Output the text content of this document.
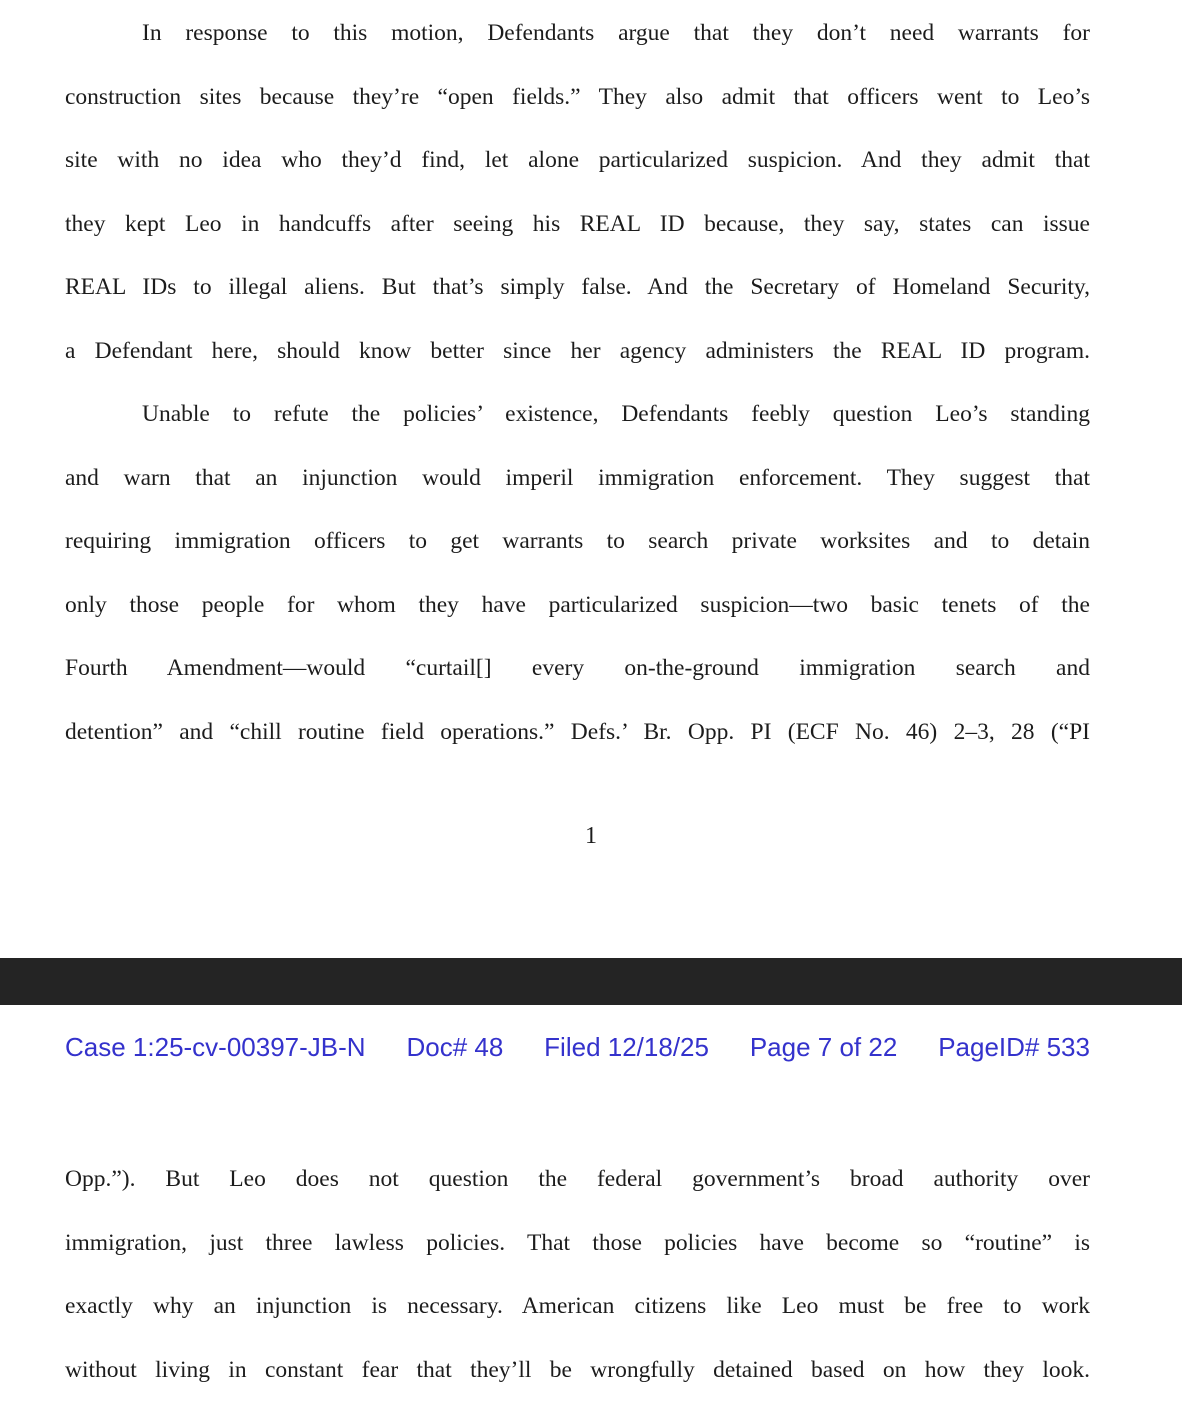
In response to this motion, Defendants argue that they don’t need warrants for
construction sites because they’re “open fields.” They also admit that officers went to Leo’s
site with no idea who they’d find, let alone particularized suspicion. And they admit that
they kept Leo in handcuffs after seeing his REAL ID because, they say, states can issue
REAL IDs to illegal aliens. But that’s simply false. And the Secretary of Homeland Security,
a Defendant here, should know better since her agency administers the REAL ID program.
Unable to refute the policies’ existence, Defendants feebly question Leo’s standing
and warn that an injunction would imperil immigration enforcement. They suggest that
requiring immigration officers to get warrants to search private worksites and to detain
only those people for whom they have particularized suspicion—two basic tenets of the
Fourth Amendment—would “curtail[] every on-the-ground immigration search and
detention” and “chill routine field operations.” Defs.’ Br. Opp. PI (ECF No. 46) 2–3, 28 (“PI
1
Case 1:25-cv-00397-JB-N Doc# 48 Filed 12/18/25 Page 7 of 22 PageID# 533
Opp.”). But Leo does not question the federal government’s broad authority over
immigration, just three lawless policies. That those policies have become so “routine” is
exactly why an injunction is necessary. American citizens like Leo must be free to work
without living in constant fear that they’ll be wrongfully detained based on how they look.
